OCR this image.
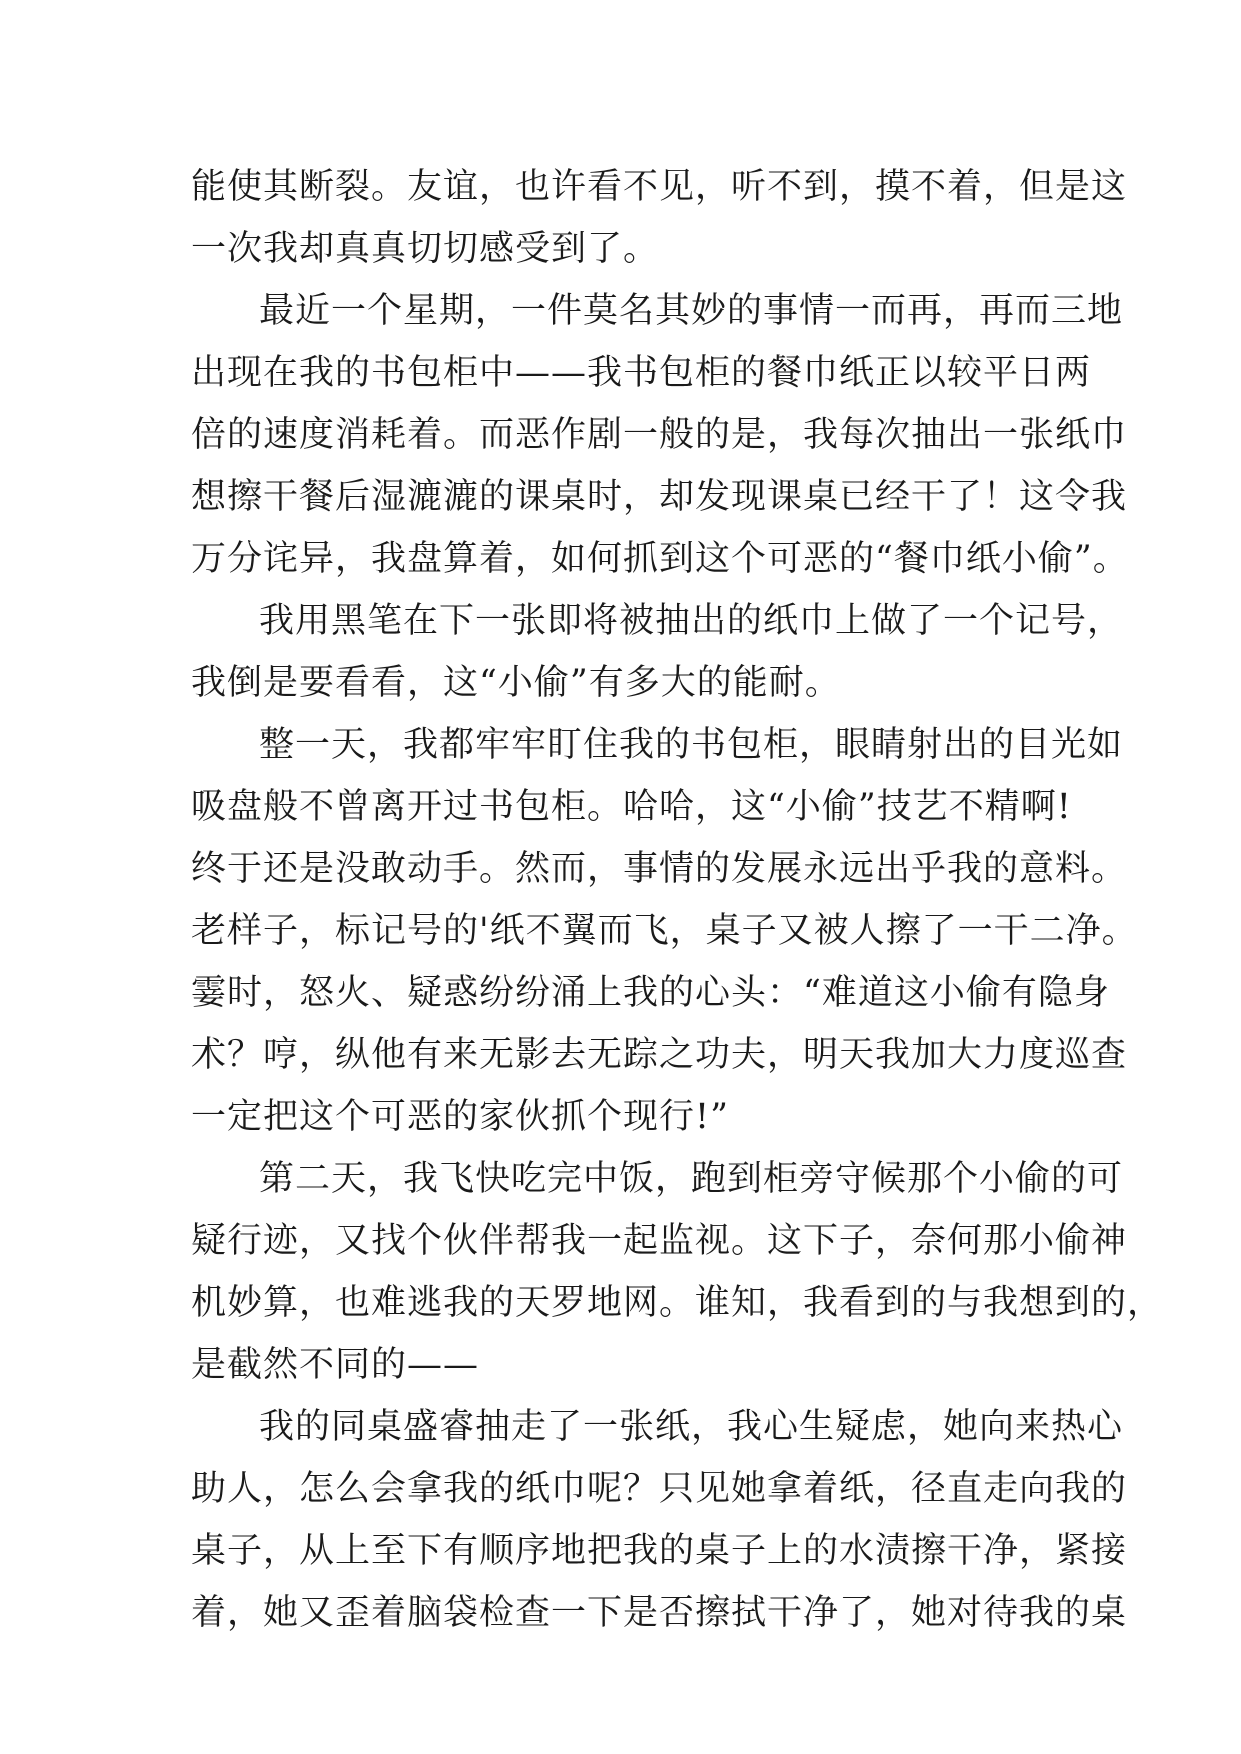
能使其断裂。友谊，也许看不见，听不到，摸不着，但是这
一次我却真真切切感受到了。
最近一个星期，一件莫名其妙的事情一而再，再而三地
出现在我的书包柜中——我书包柜的餐巾纸正以较平日两
倍的速度消耗着。而恶作剧一般的是，我每次抽出一张纸巾
想擦干餐后湿漉漉的课桌时，却发现课桌已经干了！这令我
万分诧异，我盘算着，如何抓到这个可恶的“餐巾纸小偷”。
我用黑笔在下一张即将被抽出的纸巾上做了一个记号，
我倒是要看看，这“小偷”有多大的能耐。
整一天，我都牢牢盯住我的书包柜，眼睛射出的目光如
吸盘般不曾离开过书包柜。哈哈，这“小偷”技艺不精啊!
终于还是没敢动手。然而，事情的发展永远出乎我的意料。
老样子，标记号的'纸不翼而飞，桌子又被人擦了一干二净。
霎时，怒火、疑惑纷纷涌上我的心头：“难道这小偷有隐身
术？哼，纵他有来无影去无踪之功夫，明天我加大力度巡查
一定把这个可恶的家伙抓个现行!”
第二天，我飞快吃完中饭，跑到柜旁守候那个小偷的可
疑行迹，又找个伙伴帮我一起监视。这下子，奈何那小偷神
机妙算，也难逃我的天罗地网。谁知，我看到的与我想到的，
是截然不同的——
我的同桌盛睿抽走了一张纸，我心生疑虑，她向来热心
助人，怎么会拿我的纸巾呢？只见她拿着纸，径直走向我的
桌子，从上至下有顺序地把我的桌子上的水渍擦干净，紧接
着，她又歪着脑袋检查一下是否擦拭干净了，她对待我的桌
